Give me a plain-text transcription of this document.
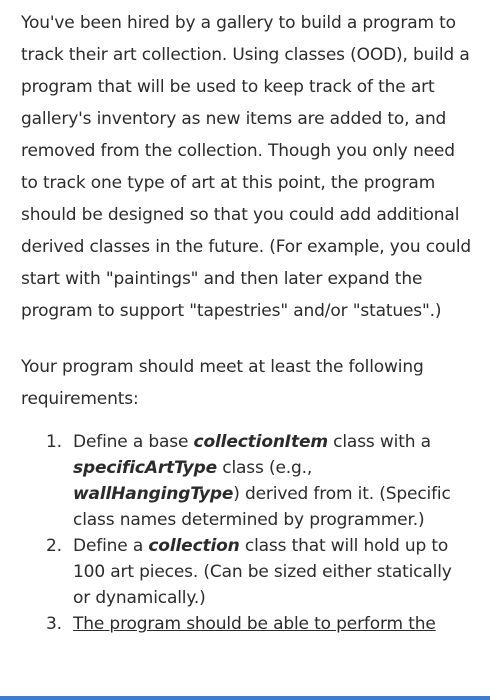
You've been hired by a gallery to build a program to track their art collection. Using classes (OOD), build a program that will be used to keep track of the art gallery's inventory as new items are added to, and removed from the collection. Though you only need to track one type of art at this point, the program should be designed so that you could add additional derived classes in the future. (For example, you could start with "paintings" and then later expand the program to support "tapestries" and/or "statues".)

Your program should meet at least the following requirements:

1. Define a base collectionItem class with a specificArtType class (e.g., wallHangingType) derived from it. (Specific class names determined by programmer.)
2. Define a collection class that will hold up to 100 art pieces. (Can be sized either statically or dynamically.)
3. The program should be able to perform the
